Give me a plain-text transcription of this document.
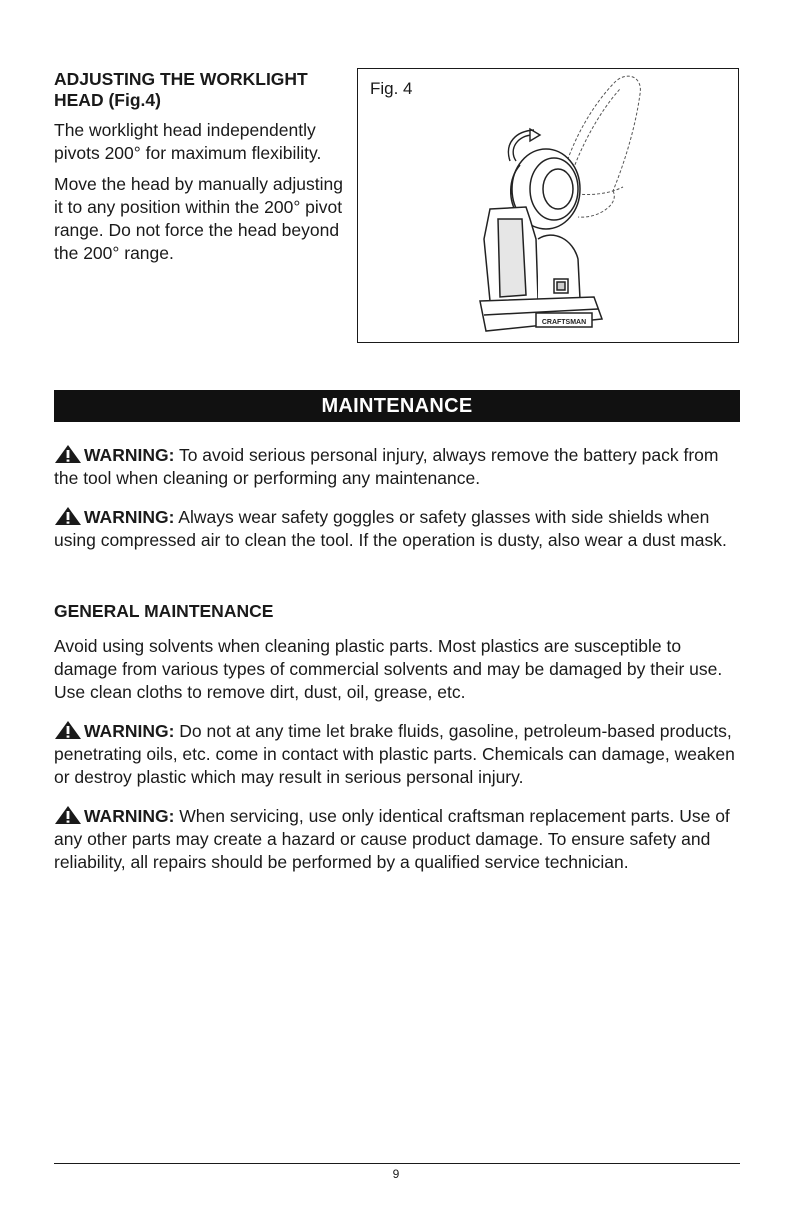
ADJUSTING THE WORKLIGHT
HEAD (Fig.4)

The worklight head independently pivots 200° for maximum flexibility.

Move the head by manually adjusting it to any position within the 200° pivot range. Do not force the head beyond the 200° range.

CRAFTSMAN
Fig. 4
MAINTENANCE

WARNING: To avoid serious personal injury, always remove the battery pack from the tool when cleaning or performing any maintenance.

WARNING: Always wear safety goggles or safety glasses with side shields when using compressed air to clean the tool. If the operation is dusty, also wear a dust mask.

GENERAL MAINTENANCE

Avoid using solvents when cleaning plastic parts. Most plastics are susceptible to damage from various types of commercial solvents and may be damaged by their use. Use clean cloths to remove dirt, dust, oil, grease, etc.

WARNING: Do not at any time let brake fluids, gasoline, petroleum-based products, penetrating oils, etc. come in contact with plastic parts. Chemicals can damage, weaken or destroy plastic which may result in serious personal injury.

WARNING: When servicing, use only identical craftsman replacement parts. Use of any other parts may create a hazard or cause product damage. To ensure safety and reliability, all repairs should be performed by a qualified service technician.

9
